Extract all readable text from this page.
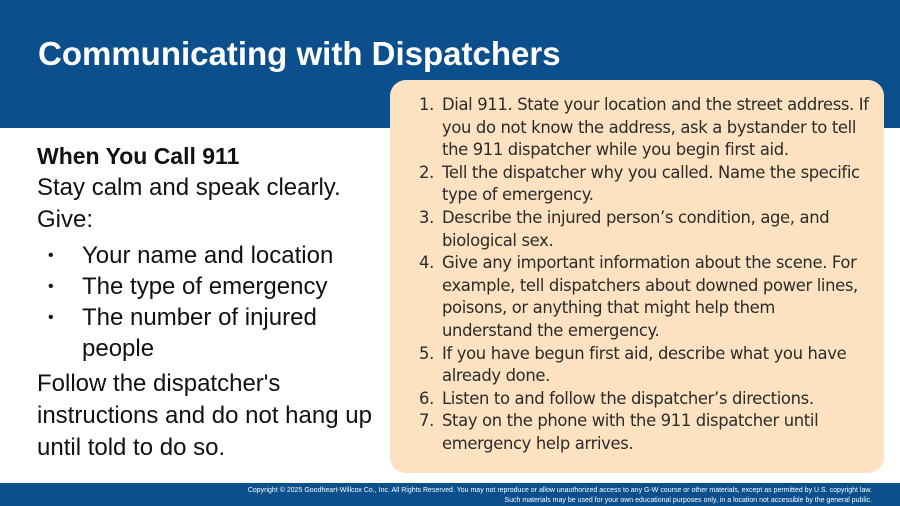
Communicating with Dispatchers

When You Call 911

Stay calm and speak clearly. Give:

• Your name and location
• The type of emergency
• The number of injured people

Follow the dispatcher's instructions and do not hang up until told to do so.

1. Dial 911. State your location and the street address. If you do not know the address, ask a bystander to tell the 911 dispatcher while you begin first aid.
2. Tell the dispatcher why you called. Name the specific type of emergency.
3. Describe the injured person’s condition, age, and biological sex.
4. Give any important information about the scene. For example, tell dispatchers about downed power lines, poisons, or anything that might help them understand the emergency.
5. If you have begun first aid, describe what you have already done.
6. Listen to and follow the dispatcher’s directions.
7. Stay on the phone with the 911 dispatcher until emergency help arrives.
Copyright © 2025 Goodheart-Willcox Co., Inc. All Rights Reserved. You may not reproduce or allow unauthorized access to any G-W course or other materials, except as permitted by U.S. copyright law.
Such materials may be used for your own educational purposes only, in a location not accessible by the general public.
